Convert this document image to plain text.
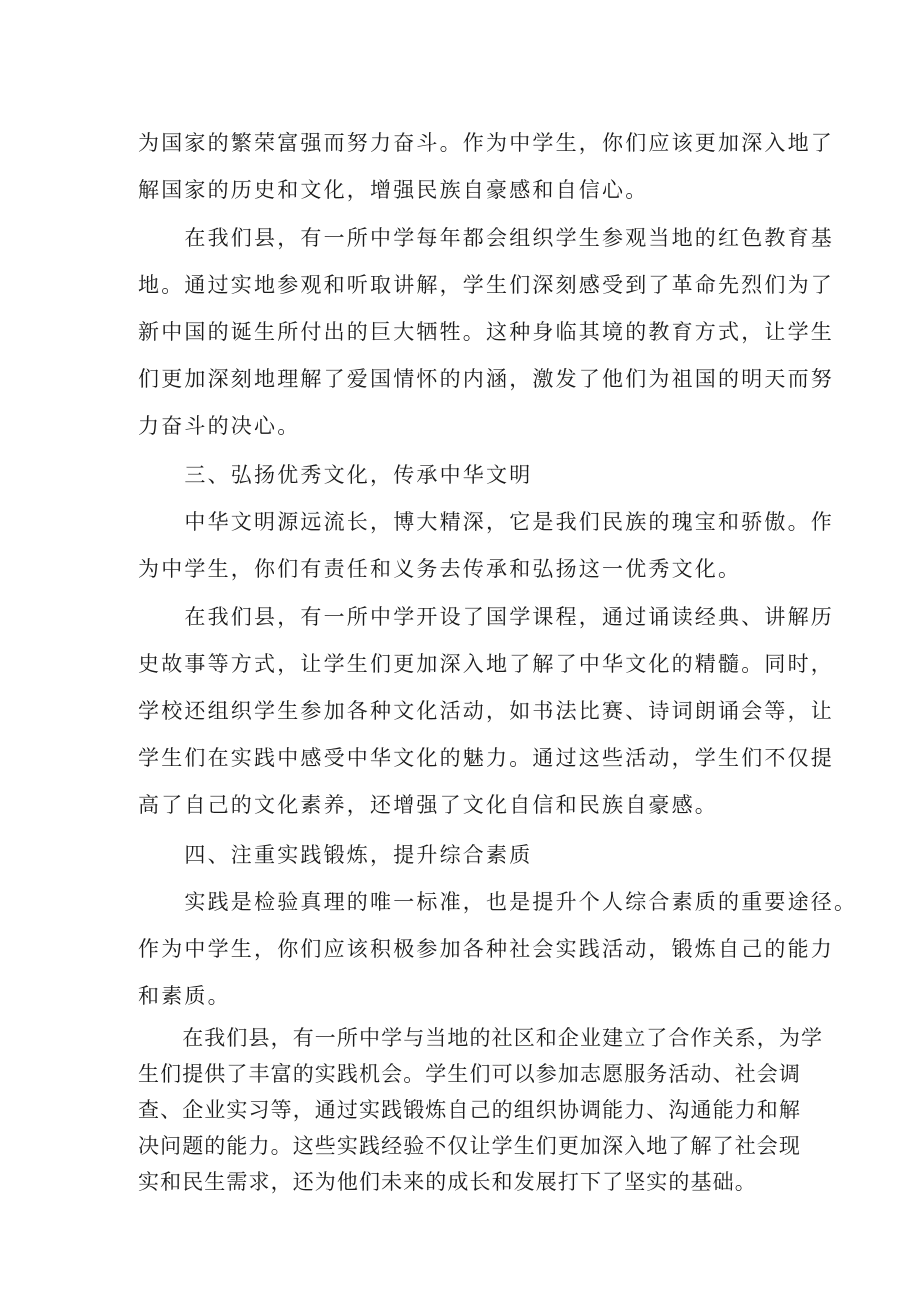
为国家的繁荣富强而努力奋斗。作为中学生，你们应该更加深入地了
解国家的历史和文化，增强民族自豪感和自信心。

　　在我们县，有一所中学每年都会组织学生参观当地的红色教育基
地。通过实地参观和听取讲解，学生们深刻感受到了革命先烈们为了
新中国的诞生所付出的巨大牺牲。这种身临其境的教育方式，让学生
们更加深刻地理解了爱国情怀的内涵，激发了他们为祖国的明天而努
力奋斗的决心。

　　三、弘扬优秀文化，传承中华文明

　　中华文明源远流长，博大精深，它是我们民族的瑰宝和骄傲。作
为中学生，你们有责任和义务去传承和弘扬这一优秀文化。

　　在我们县，有一所中学开设了国学课程，通过诵读经典、讲解历
史故事等方式，让学生们更加深入地了解了中华文化的精髓。同时，
学校还组织学生参加各种文化活动，如书法比赛、诗词朗诵会等，让
学生们在实践中感受中华文化的魅力。通过这些活动，学生们不仅提
高了自己的文化素养，还增强了文化自信和民族自豪感。

　　四、注重实践锻炼，提升综合素质

　　实践是检验真理的唯一标准，也是提升个人综合素质的重要途径。
作为中学生，你们应该积极参加各种社会实践活动，锻炼自己的能力
和素质。

　　在我们县，有一所中学与当地的社区和企业建立了合作关系，为学
生们提供了丰富的实践机会。学生们可以参加志愿服务活动、社会调
查、企业实习等，通过实践锻炼自己的组织协调能力、沟通能力和解
决问题的能力。这些实践经验不仅让学生们更加深入地了解了社会现
实和民生需求，还为他们未来的成长和发展打下了坚实的基础。
